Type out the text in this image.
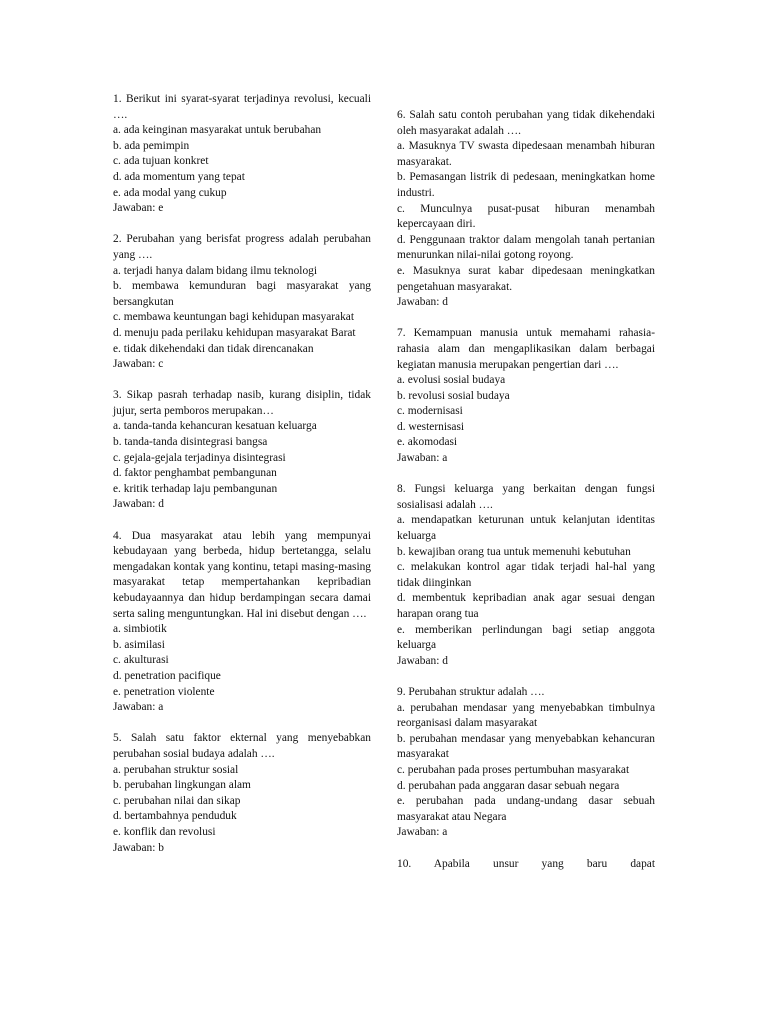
1. Berikut ini syarat-syarat terjadinya revolusi, kecuali ….

a. ada keinginan masyarakat untuk berubahan

b. ada pemimpin

c. ada tujuan konkret

d. ada momentum yang tepat

e. ada modal yang cukup

Jawaban: e

2. Perubahan yang berisfat progress adalah perubahan yang ….

a. terjadi hanya dalam bidang ilmu teknologi

b. membawa kemunduran bagi masyarakat yang bersangkutan

c. membawa keuntungan bagi kehidupan masyarakat

d. menuju pada perilaku kehidupan masyarakat Barat

e. tidak dikehendaki dan tidak direncanakan

Jawaban: c

3. Sikap pasrah terhadap nasib, kurang disiplin, tidak jujur, serta pemboros merupakan…

a. tanda-tanda kehancuran kesatuan keluarga

b. tanda-tanda disintegrasi bangsa

c. gejala-gejala terjadinya disintegrasi

d. faktor penghambat pembangunan

e. kritik terhadap laju pembangunan

Jawaban: d

4. Dua masyarakat atau lebih yang mempunyai kebudayaan yang berbeda, hidup bertetangga, selalu mengadakan kontak yang kontinu, tetapi masing-masing masyarakat tetap mempertahankan kepribadian kebudayaannya dan hidup berdampingan secara damai serta saling menguntungkan. Hal ini disebut dengan ….

a. simbiotik

b. asimilasi

c. akulturasi

d. penetration pacifique

e. penetration violente

Jawaban: a

5. Salah satu faktor ekternal yang menyebabkan perubahan sosial budaya adalah ….

a. perubahan struktur sosial

b. perubahan lingkungan alam

c. perubahan nilai dan sikap

d. bertambahnya penduduk

e. konflik dan revolusi

Jawaban: b

6. Salah satu contoh perubahan yang tidak dikehendaki oleh masyarakat adalah ….

a. Masuknya TV swasta dipedesaan menambah hiburan masyarakat.

b. Pemasangan listrik di pedesaan, meningkatkan home industri.

c. Munculnya pusat-pusat hiburan menambah kepercayaan diri.

d. Penggunaan traktor dalam mengolah tanah pertanian menurunkan nilai-nilai gotong royong.

e. Masuknya surat kabar dipedesaan meningkatkan pengetahuan masyarakat.

Jawaban: d

7. Kemampuan manusia untuk memahami rahasia-rahasia alam dan mengaplikasikan dalam berbagai kegiatan manusia merupakan pengertian dari ….

a. evolusi sosial budaya

b. revolusi sosial budaya

c. modernisasi

d. westernisasi

e. akomodasi

Jawaban: a

8. Fungsi keluarga yang berkaitan dengan fungsi sosialisasi adalah ….

a. mendapatkan keturunan untuk kelanjutan identitas keluarga

b. kewajiban orang tua untuk memenuhi kebutuhan

c. melakukan kontrol agar tidak terjadi hal-hal yang tidak diinginkan

d. membentuk kepribadian anak agar sesuai dengan harapan orang tua

e. memberikan perlindungan bagi setiap anggota keluarga

Jawaban: d

9. Perubahan struktur adalah ….

a. perubahan mendasar yang menyebabkan timbulnya reorganisasi dalam masyarakat

b. perubahan mendasar yang menyebabkan kehancuran masyarakat

c. perubahan pada proses pertumbuhan masyarakat

d. perubahan pada anggaran dasar sebuah negara

e. perubahan pada undang-undang dasar sebuah masyarakat atau Negara

Jawaban: a

10. Apabila unsur yang baru dapat
